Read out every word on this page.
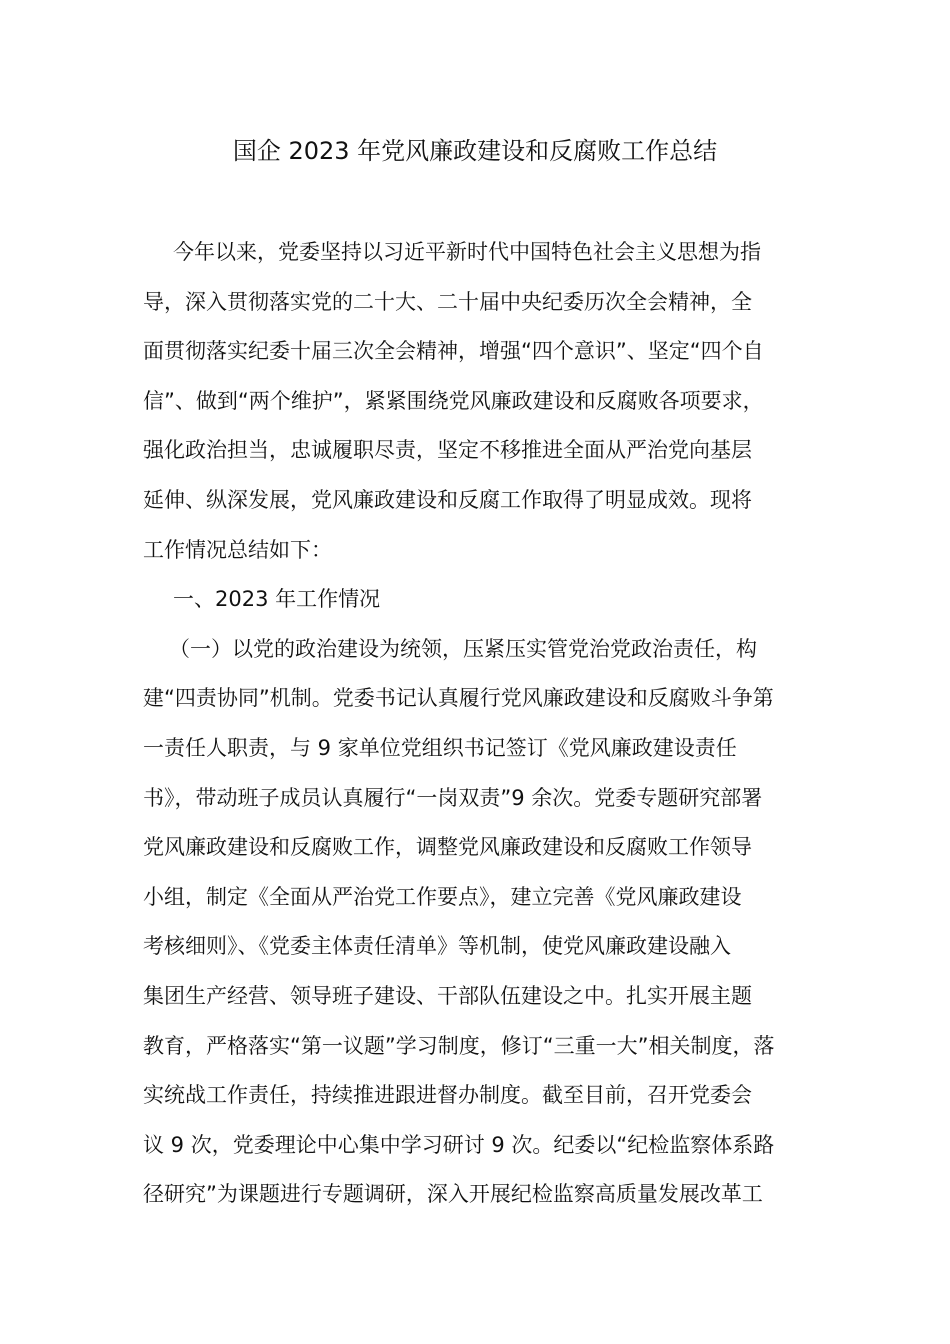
国企 2023 年党风廉政建设和反腐败工作总结
今年以来，党委坚持以习近平新时代中国特色社会主义思想为指
导，深入贯彻落实党的二十大、二十届中央纪委历次全会精神，全
面贯彻落实纪委十届三次全会精神，增强“四个意识”、坚定“四个自
信”、做到“两个维护”，紧紧围绕党风廉政建设和反腐败各项要求，
强化政治担当，忠诚履职尽责，坚定不移推进全面从严治党向基层
延伸、纵深发展，党风廉政建设和反腐工作取得了明显成效。现将
工作情况总结如下：
一、2023 年工作情况
（一）以党的政治建设为统领，压紧压实管党治党政治责任，构
建“四责协同”机制。党委书记认真履行党风廉政建设和反腐败斗争第
一责任人职责，与 9 家单位党组织书记签订《党风廉政建设责任
书》，带动班子成员认真履行“一岗双责”9 余次。党委专题研究部署
党风廉政建设和反腐败工作，调整党风廉政建设和反腐败工作领导
小组，制定《全面从严治党工作要点》，建立完善《党风廉政建设
考核细则》、《党委主体责任清单》等机制，使党风廉政建设融入
集团生产经营、领导班子建设、干部队伍建设之中。扎实开展主题
教育，严格落实“第一议题”学习制度，修订“三重一大”相关制度，落
实统战工作责任，持续推进跟进督办制度。截至目前，召开党委会
议 9 次，党委理论中心集中学习研讨 9 次。纪委以“纪检监察体系路
径研究”为课题进行专题调研，深入开展纪检监察高质量发展改革工
